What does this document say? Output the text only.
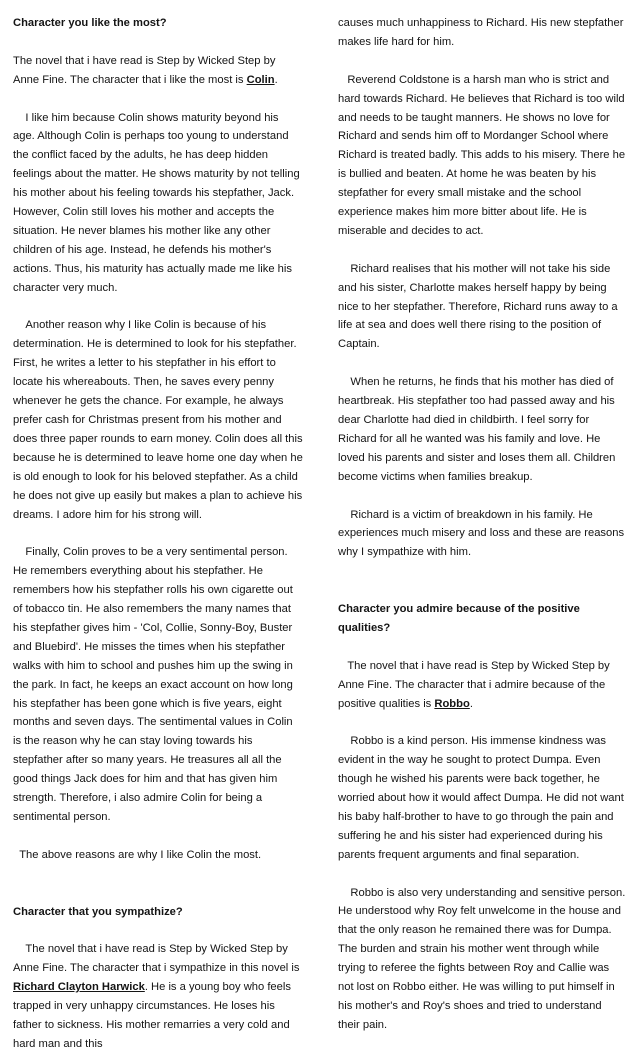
Character you like the most?

The novel that i have read is Step by Wicked Step by Anne Fine. The character that i like the most is Colin.

I like him because Colin shows maturity beyond his age. Although Colin is perhaps too young to understand the conflict faced by the adults, he has deep hidden feelings about the matter. He shows maturity by not telling his mother about his feeling towards his stepfather, Jack. However, Colin still loves his mother and accepts the situation. He never blames his mother like any other children of his age. Instead, he defends his mother's actions. Thus, his maturity has actually made me like his character very much.

Another reason why I like Colin is because of his determination. He is determined to look for his stepfather. First, he writes a letter to his stepfather in his effort to locate his whereabouts. Then, he saves every penny whenever he gets the chance. For example, he always prefer cash for Christmas present from his mother and does three paper rounds to earn money. Colin does all this because he is determined to leave home one day when he is old enough to look for his beloved stepfather. As a child he does not give up easily but makes a plan to achieve his dreams. I adore him for his strong will.

Finally, Colin proves to be a very sentimental person. He remembers everything about his stepfather. He remembers how his stepfather rolls his own cigarette out of tobacco tin. He also remembers the many names that his stepfather gives him - 'Col, Collie, Sonny-Boy, Buster and Bluebird'. He misses the times when his stepfather walks with him to school and pushes him up the swing in the park. In fact, he keeps an exact account on how long his stepfather has been gone which is five years, eight months and seven days. The sentimental values in Colin is the reason why he can stay loving towards his stepfather after so many years. He treasures all all the good things Jack does for him and that has given him strength. Therefore, i also admire Colin for being a sentimental person.

The above reasons are why I like Colin the most.

Character that you sympathize?

The novel that i have read is Step by Wicked Step by Anne Fine. The character that i sympathize in this novel is Richard Clayton Harwick. He is a young boy who feels trapped in very unhappy circumstances. He loses his father to sickness. His mother remarries a very cold and hard man and this

causes much unhappiness to Richard. His new stepfather makes life hard for him.

Reverend Coldstone is a harsh man who is strict and hard towards Richard. He believes that Richard is too wild and needs to be taught manners. He shows no love for Richard and sends him off to Mordanger School where Richard is treated badly. This adds to his misery. There he is bullied and beaten. At home he was beaten by his stepfather for every small mistake and the school experience makes him more bitter about life. He is miserable and decides to act.

Richard realises that his mother will not take his side and his sister, Charlotte makes herself happy by being nice to her stepfather. Therefore, Richard runs away to a life at sea and does well there rising to the position of Captain.

When he returns, he finds that his mother has died of heartbreak. His stepfather too had passed away and his dear Charlotte had died in childbirth. I feel sorry for Richard for all he wanted was his family and love. He loved his parents and sister and loses them all. Children become victims when families breakup.

Richard is a victim of breakdown in his family. He experiences much misery and loss and these are reasons why I sympathize with him.

Character you admire because of the positive qualities?

The novel that i have read is Step by Wicked Step by Anne Fine. The character that i admire because of the positive qualities is Robbo.

Robbo is a kind person. His immense kindness was evident in the way he sought to protect Dumpa. Even though he wished his parents were back together, he worried about how it would affect Dumpa. He did not want his baby half-brother to have to go through the pain and suffering he and his sister had experienced during his parents frequent arguments and final separation.

Robbo is also very understanding and sensitive person. He understood why Roy felt unwelcome in the house and that the only reason he remained there was for Dumpa. The burden and strain his mother went through while trying to referee the fights between Roy and Callie was not lost on Robbo either. He was willing to put himself in his mother's and Roy's shoes and tried to understand their pain.
